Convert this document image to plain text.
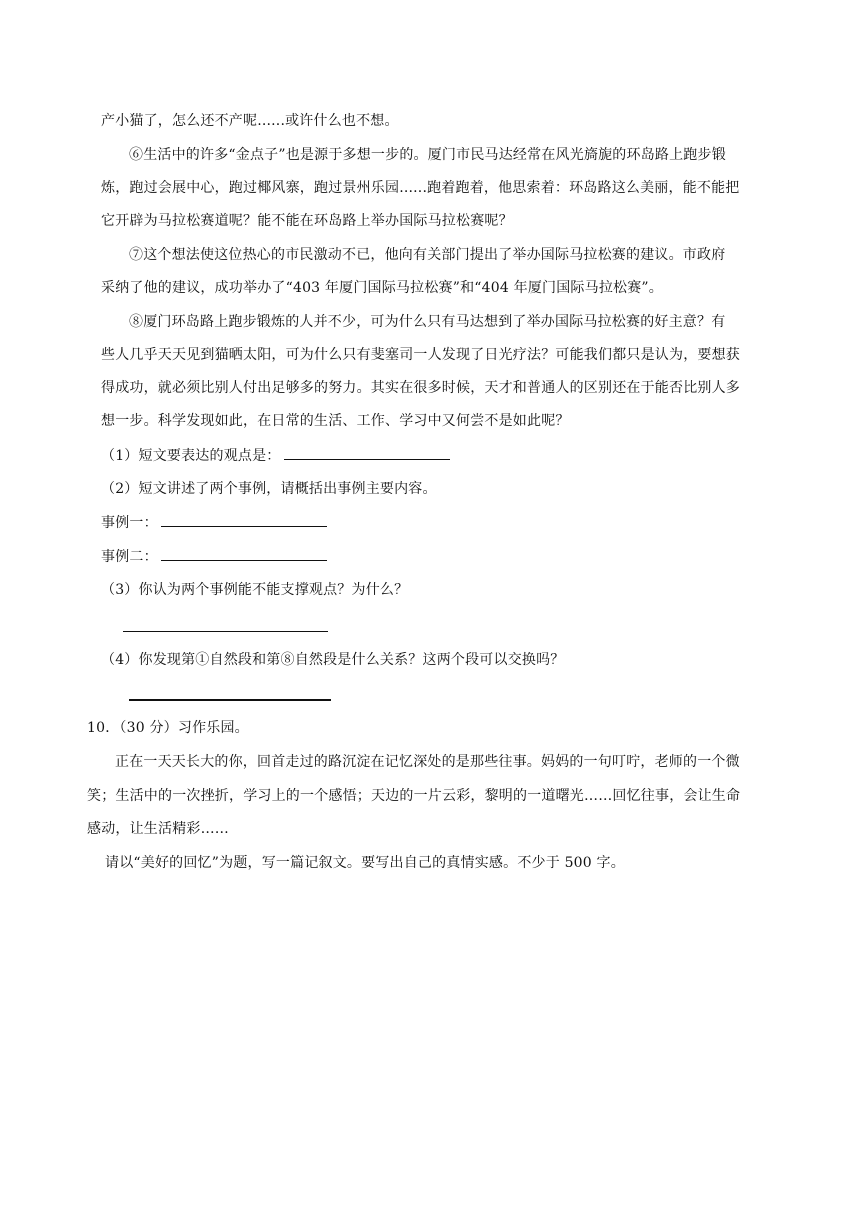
产小猫了，怎么还不产呢......或许什么也不想。
⑥生活中的许多“金点子”也是源于多想一步的。厦门市民马达经常在风光旖旎的环岛路上跑步锻
炼，跑过会展中心，跑过椰风寨，跑过景州乐园......跑着跑着，他思索着：环岛路这么美丽，能不能把
它开辟为马拉松赛道呢？能不能在环岛路上举办国际马拉松赛呢？
⑦这个想法使这位热心的市民激动不已，他向有关部门提出了举办国际马拉松赛的建议。市政府
采纳了他的建议，成功举办了“403 年厦门国际马拉松赛”和“404 年厦门国际马拉松赛”。
⑧厦门环岛路上跑步锻炼的人并不少，可为什么只有马达想到了举办国际马拉松赛的好主意？有
些人几乎天天见到猫晒太阳，可为什么只有斐塞司一人发现了日光疗法？可能我们都只是认为，要想获
得成功，就必须比别人付出足够多的努力。其实在很多时候，天才和普通人的区别还在于能否比别人多
想一步。科学发现如此，在日常的生活、工作、学习中又何尝不是如此呢？
（1）短文要表达的观点是：
（2）短文讲述了两个事例，请概括出事例主要内容。
事例一：
事例二：
（3）你认为两个事例能不能支撑观点？为什么？
（4）你发现第①自然段和第⑧自然段是什么关系？这两个段可以交换吗？
10．（30 分）习作乐园。
正在一天天长大的你，回首走过的路沉淀在记忆深处的是那些往事。妈妈的一句叮咛，老师的一个微
笑；生活中的一次挫折，学习上的一个感悟；天边的一片云彩，黎明的一道曙光……回忆往事，会让生命
感动，让生活精彩……
请以“美好的回忆”为题，写一篇记叙文。要写出自己的真情实感。不少于 500 字。
